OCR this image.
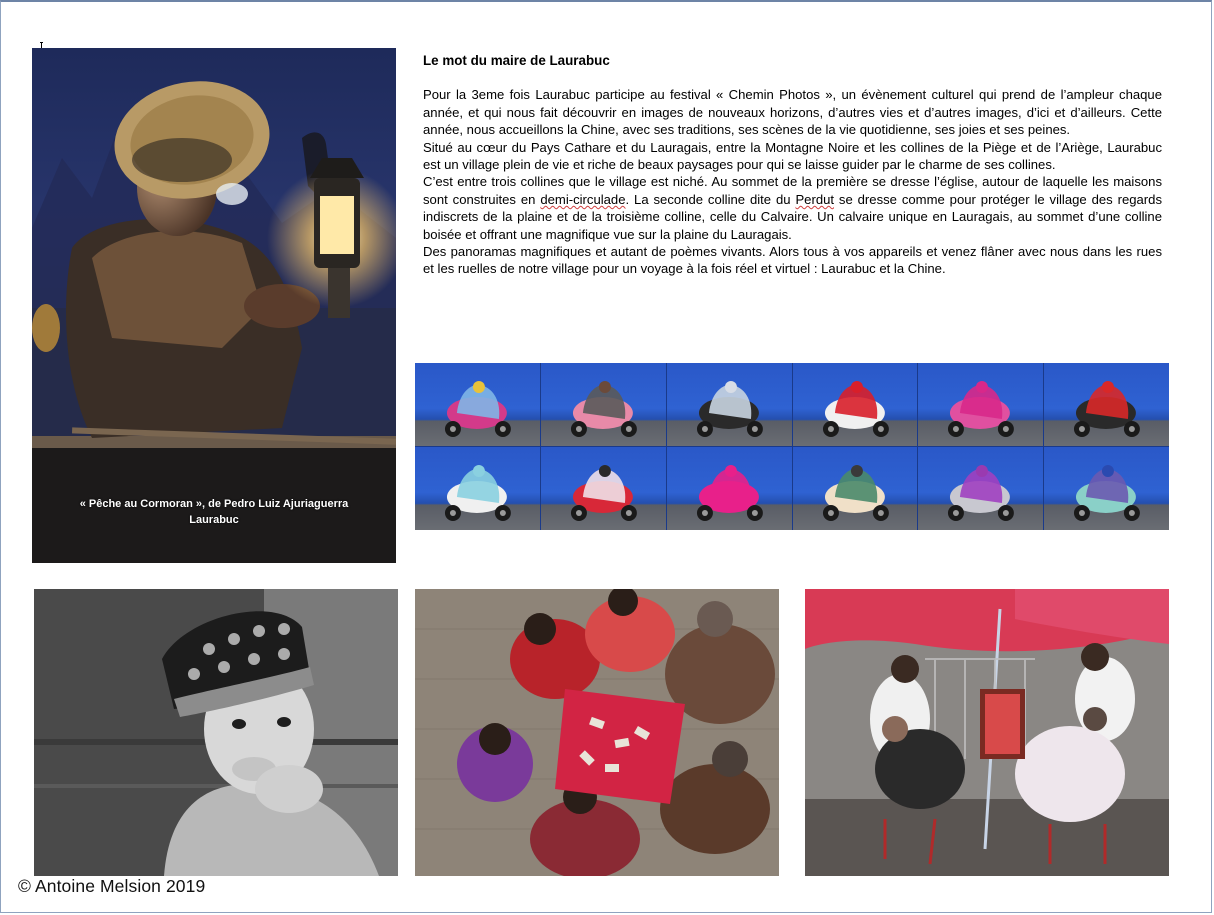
« Pêche au Cormoran », de Pedro Luiz Ajuriaguerra
Laurabuc
Le mot du maire de Laurabuc

Pour la 3eme fois Laurabuc participe au festival « Chemin Photos », un évènement culturel qui prend de l’ampleur chaque année, et qui nous fait découvrir en images de nouveaux horizons, d’autres vies et d’autres images, d’ici et d’ailleurs. Cette année, nous accueillons la Chine, avec ses traditions, ses scènes de la vie quotidienne, ses joies et ses peines.

Situé au cœur du Pays Cathare et du Lauragais, entre la Montagne Noire et les collines de la Piège et de l’Ariège, Laurabuc est un village plein de vie et riche de beaux paysages pour qui se laisse guider par le charme de ses collines.

C’est entre trois collines que le village est niché. Au sommet de la première se dresse l’église, autour de laquelle les maisons sont construites en demi-circulade. La seconde colline dite du Perdut se dresse comme pour protéger le village des regards indiscrets de la plaine et de la troisième colline, celle du Calvaire. Un calvaire unique en Lauragais, au sommet d’une colline boisée et offrant une magnifique vue sur la plaine du Lauragais.

Des panoramas magnifiques et autant de poèmes vivants. Alors tous à vos appareils et venez flâner avec nous dans les rues et les ruelles de notre village pour un voyage à la fois réel et virtuel : Laurabuc et la Chine.

© Antoine Melsion 2019
